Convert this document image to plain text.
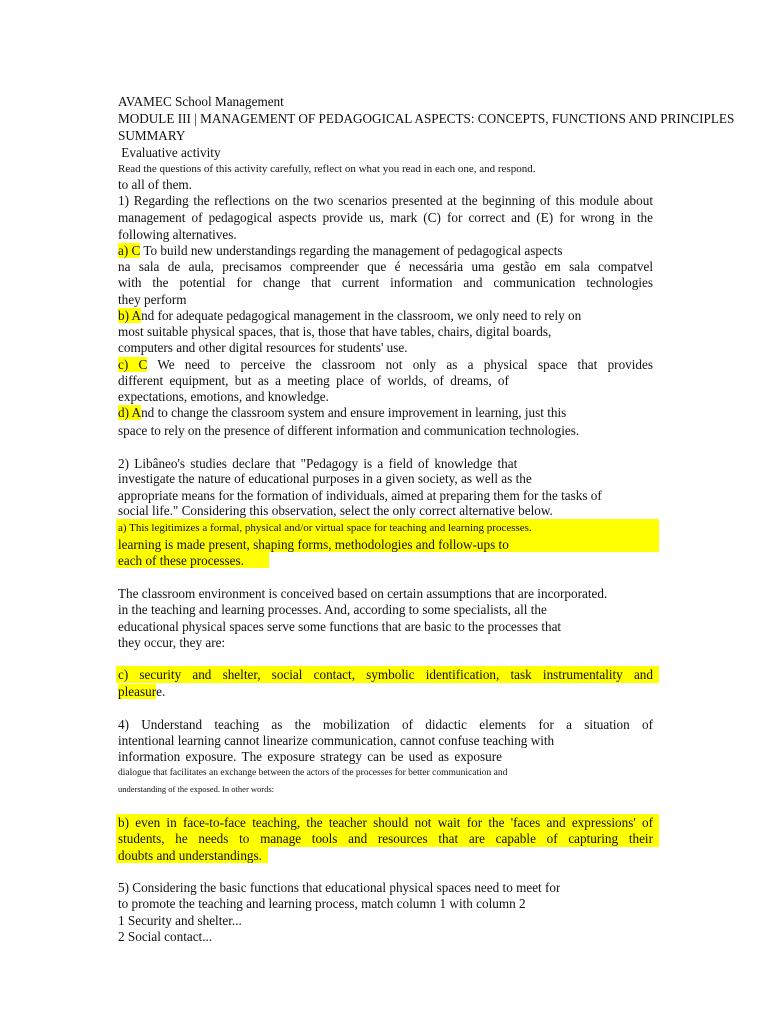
AVAMEC School Management
MODULE III | MANAGEMENT OF PEDAGOGICAL ASPECTS: CONCEPTS, FUNCTIONS AND PRINCIPLES
SUMMARY
Evaluative activity
Read the questions of this activity carefully, reflect on what you read in each one, and respond.
to all of them.
1) Regarding the reflections on the two scenarios presented at the beginning of this module about
management of pedagogical aspects provide us, mark (C) for correct and (E) for wrong in the
following alternatives.
a) C To build new understandings regarding the management of pedagogical aspects
na sala de aula, precisamos compreender que é necessária uma gestão em sala compatvel
with the potential for change that current information and communication technologies
they perform
b) And for adequate pedagogical management in the classroom, we only need to rely on
most suitable physical spaces, that is, those that have tables, chairs, digital boards,
computers and other digital resources for students' use.
c) C We need to perceive the classroom not only as a physical space that provides
different equipment, but as a meeting place of worlds, of dreams, of
expectations, emotions, and knowledge.
d) And to change the classroom system and ensure improvement in learning, just this
space to rely on the presence of different information and communication technologies.
2) Libâneo's studies declare that "Pedagogy is a field of knowledge that
investigate the nature of educational purposes in a given society, as well as the
appropriate means for the formation of individuals, aimed at preparing them for the tasks of
social life." Considering this observation, select the only correct alternative below.
a) This legitimizes a formal, physical and/or virtual space for teaching and learning processes.
learning is made present, shaping forms, methodologies and follow-ups to
each of these processes.
The classroom environment is conceived based on certain assumptions that are incorporated.
in the teaching and learning processes. And, according to some specialists, all the
educational physical spaces serve some functions that are basic to the processes that
they occur, they are:
c) security and shelter, social contact, symbolic identification, task instrumentality and
pleasure.
4) Understand teaching as the mobilization of didactic elements for a situation of
intentional learning cannot linearize communication, cannot confuse teaching with
information exposure. The exposure strategy can be used as exposure
dialogue that facilitates an exchange between the actors of the processes for better communication and
understanding of the exposed. In other words:
b) even in face-to-face teaching, the teacher should not wait for the 'faces and expressions' of
students, he needs to manage tools and resources that are capable of capturing their
doubts and understandings.
5) Considering the basic functions that educational physical spaces need to meet for
to promote the teaching and learning process, match column 1 with column 2
1 Security and shelter...
2 Social contact...
